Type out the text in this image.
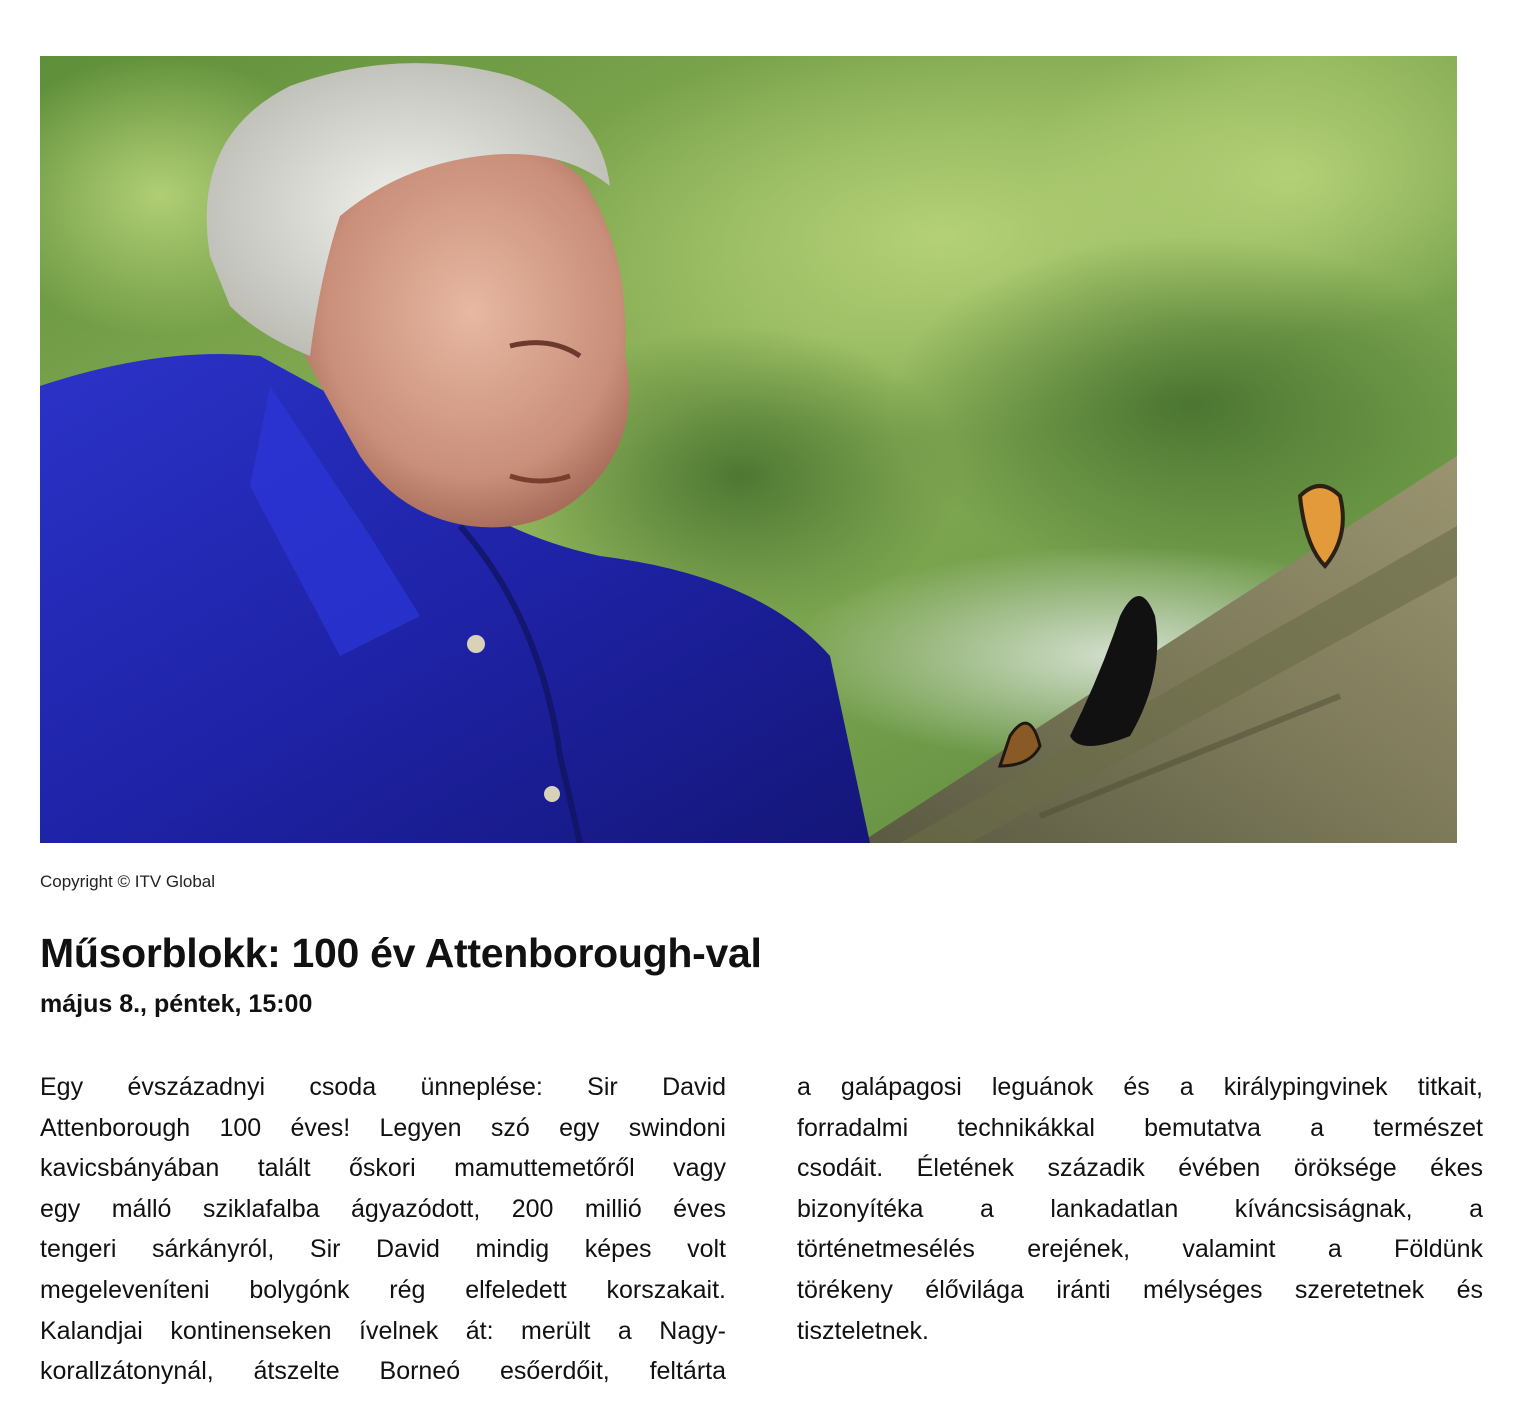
Copyright © ITV Global
Műsorblokk: 100 év Attenborough-val
május 8., péntek, 15:00

Egy évszázadnyi csoda ünneplése: Sir David
Attenborough 100 éves! Legyen szó egy swindoni
kavicsbányában talált őskori mamuttemetőről vagy
egy málló sziklafalba ágyazódott, 200 millió éves
tengeri sárkányról, Sir David mindig képes volt
megeleveníteni bolygónk rég elfeledett korszakait.
Kalandjai kontinenseken ívelnek át: merült a Nagy-
korallzátonynál, átszelte Borneó esőerdőit, feltárta

a galápagosi leguánok és a királypingvinek titkait,
forradalmi technikákkal bemutatva a természet
csodáit. Életének századik évében öröksége ékes
bizonyítéka a lankadatlan kíváncsiságnak, a
történetmesélés erejének, valamint a Földünk
törékeny élővilága iránti mélységes szeretetnek és
tiszteletnek.
